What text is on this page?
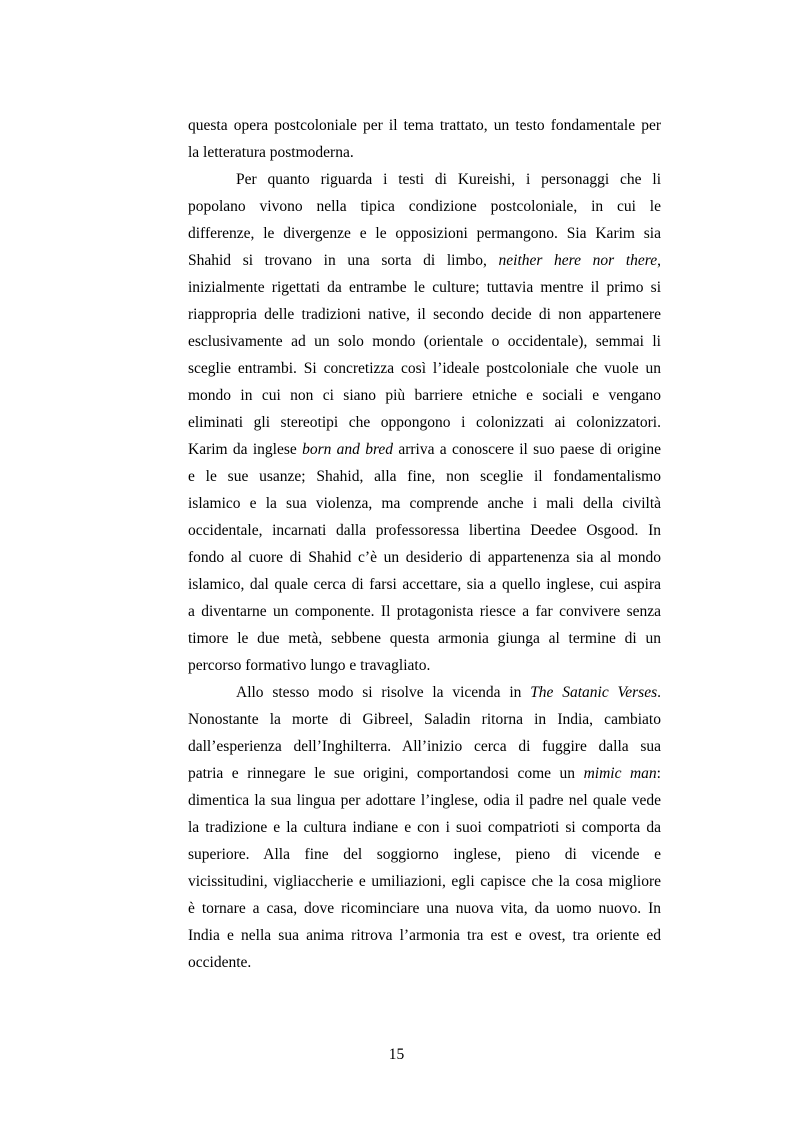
questa opera postcoloniale per il tema trattato, un testo fondamentale per
la letteratura postmoderna.
Per quanto riguarda i testi di Kureishi, i personaggi che li
popolano vivono nella tipica condizione postcoloniale, in cui le
differenze, le divergenze e le opposizioni permangono. Sia Karim sia
Shahid si trovano in una sorta di limbo, neither here nor there,
inizialmente rigettati da entrambe le culture; tuttavia mentre il primo si
riappropria delle tradizioni native, il secondo decide di non appartenere
esclusivamente ad un solo mondo (orientale o occidentale), semmai li
sceglie entrambi. Si concretizza così l’ideale postcoloniale che vuole un
mondo in cui non ci siano più barriere etniche e sociali e vengano
eliminati gli stereotipi che oppongono i colonizzati ai colonizzatori.
Karim da inglese born and bred arriva a conoscere il suo paese di origine
e le sue usanze; Shahid, alla fine, non sceglie il fondamentalismo
islamico e la sua violenza, ma comprende anche i mali della civiltà
occidentale, incarnati dalla professoressa libertina Deedee Osgood. In
fondo al cuore di Shahid c’è un desiderio di appartenenza sia al mondo
islamico, dal quale cerca di farsi accettare, sia a quello inglese, cui aspira
a diventarne un componente. Il protagonista riesce a far convivere senza
timore le due metà, sebbene questa armonia giunga al termine di un
percorso formativo lungo e travagliato.
Allo stesso modo si risolve la vicenda in The Satanic Verses.
Nonostante la morte di Gibreel, Saladin ritorna in India, cambiato
dall’esperienza dell’Inghilterra. All’inizio cerca di fuggire dalla sua
patria e rinnegare le sue origini, comportandosi come un mimic man:
dimentica la sua lingua per adottare l’inglese, odia il padre nel quale vede
la tradizione e la cultura indiane e con i suoi compatrioti si comporta da
superiore. Alla fine del soggiorno inglese, pieno di vicende e
vicissitudini, vigliaccherie e umiliazioni, egli capisce che la cosa migliore
è tornare a casa, dove ricominciare una nuova vita, da uomo nuovo. In
India e nella sua anima ritrova l’armonia tra est e ovest, tra oriente ed
occidente.
15
